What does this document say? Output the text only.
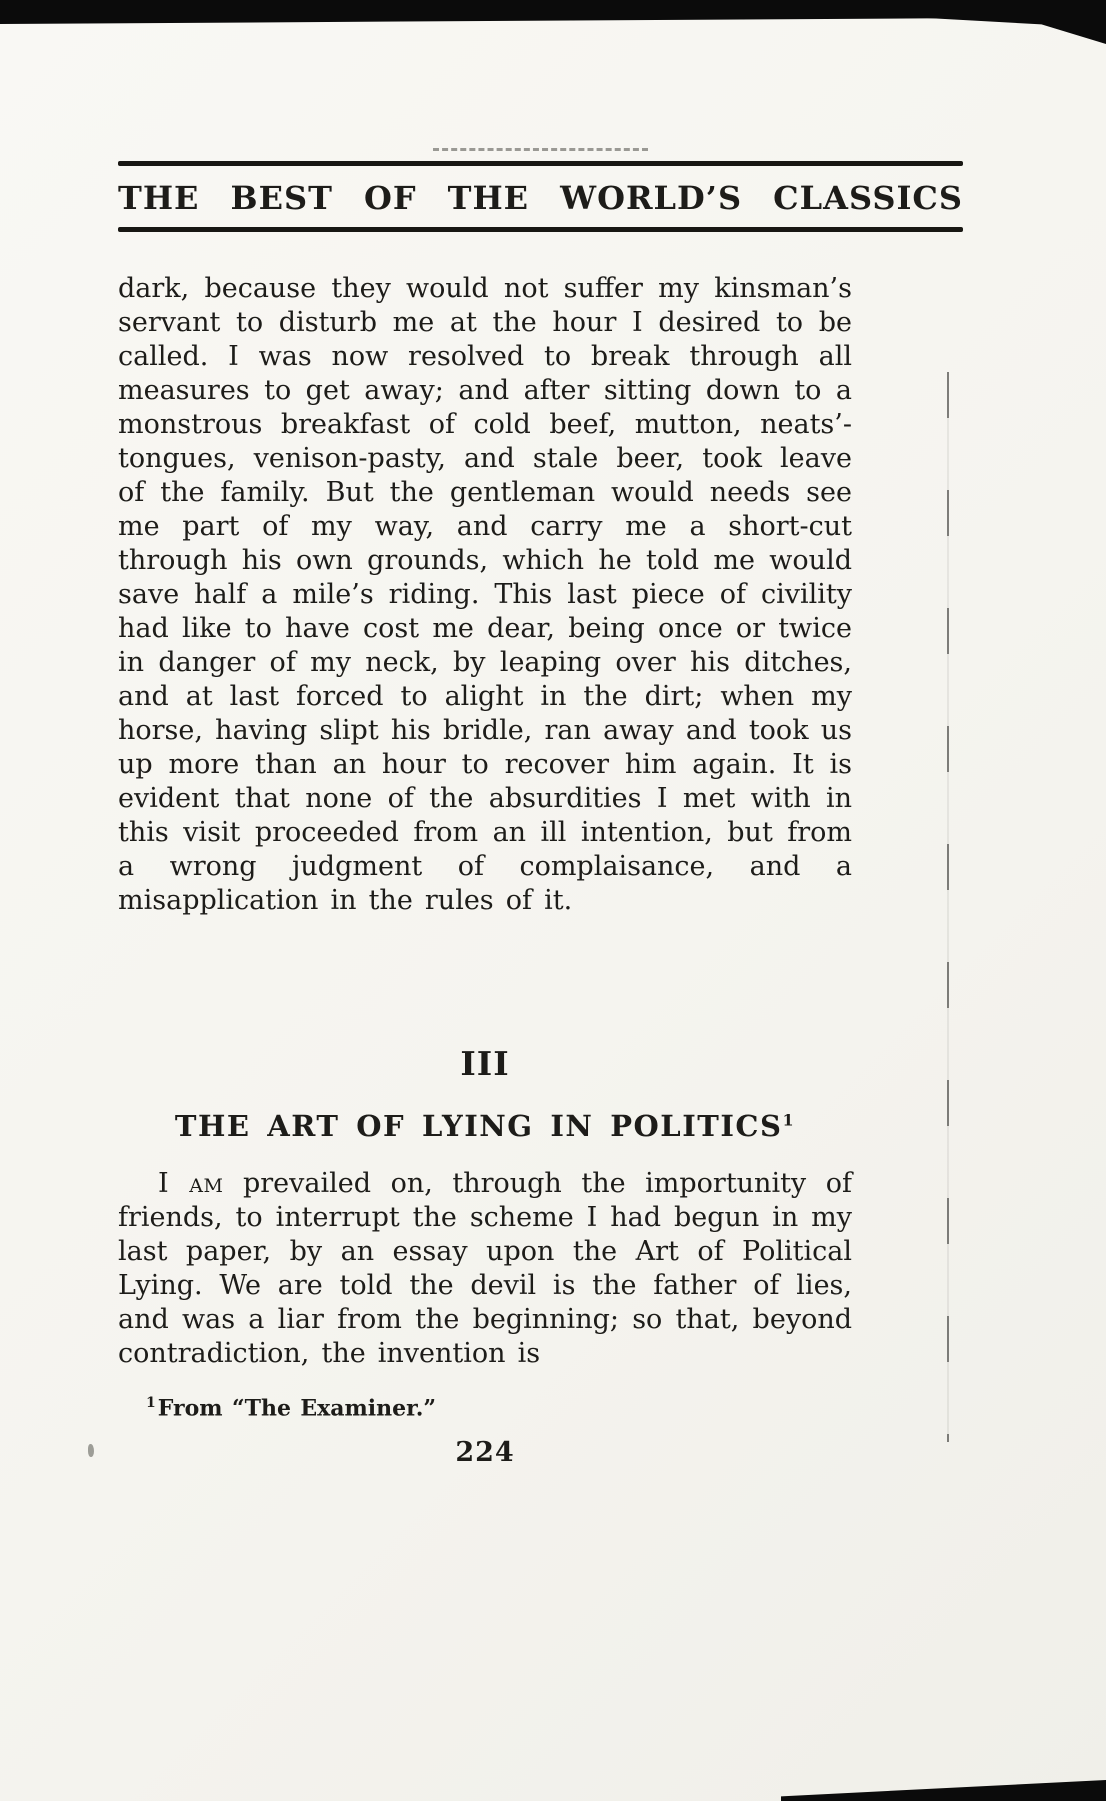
THE BEST OF THE WORLD’S CLASSICS

dark, because they would not suffer my kinsman’s servant to disturb me at the hour I desired to be called. I was now resolved to break through all measures to get away; and after sitting down to a monstrous breakfast of cold beef, mutton, neats’-tongues, venison-pasty, and stale beer, took leave of the family. But the gentleman would needs see me part of my way, and carry me a short-cut through his own grounds, which he told me would save half a mile’s riding. This last piece of civility had like to have cost me dear, being once or twice in danger of my neck, by leaping over his ditches, and at last forced to alight in the dirt; when my horse, having slipt his bridle, ran away and took us up more than an hour to recover him again. It is evident that none of the absurdities I met with in this visit proceeded from an ill intention, but from a wrong judgment of complaisance, and a misapplication in the rules of it.

III
THE ART OF LYING IN POLITICS$^1$

I am prevailed on, through the importunity of friends, to interrupt the scheme I had begun in my last paper, by an essay upon the Art of Political Lying. We are told the devil is the father of lies, and was a liar from the beginning; so that, beyond contradiction, the invention is

$^1$From “The Examiner.”

224
